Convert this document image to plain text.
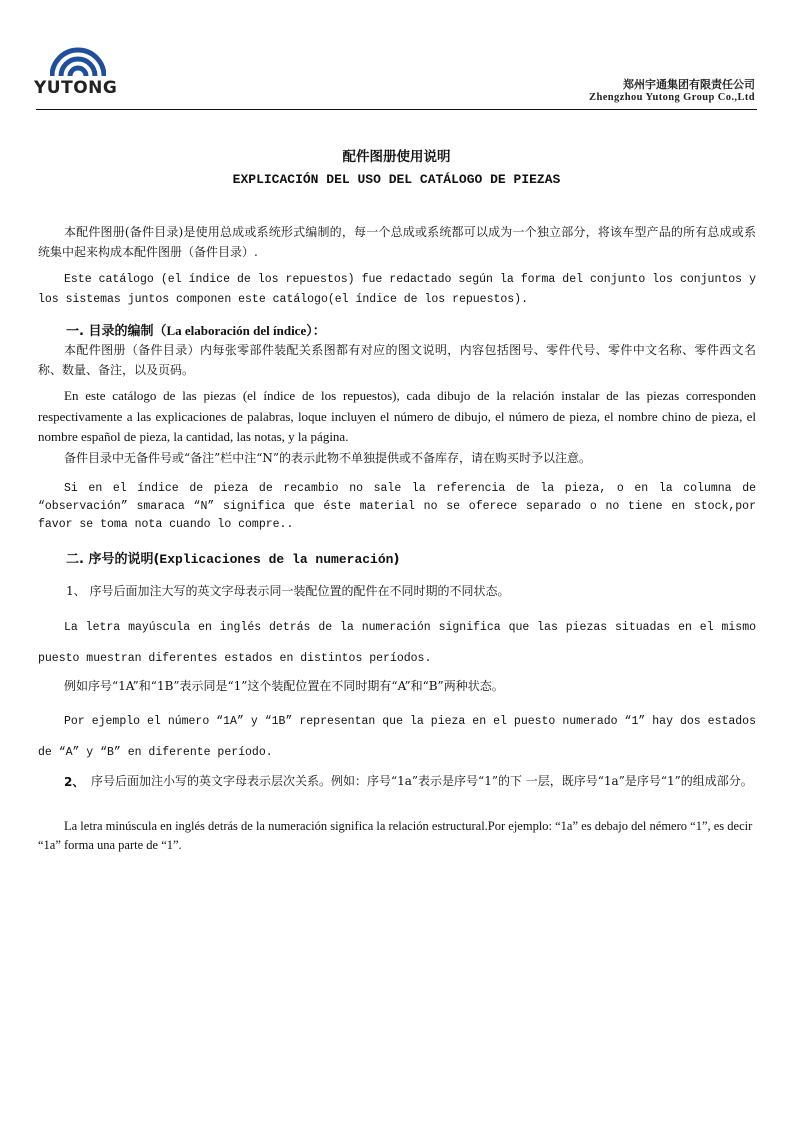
YUTONG	郑州宇通集团有限责任公司
Zhengzhou Yutong Group Co.,Ltd
配件图册使用说明
EXPLICACIÓN DEL USO DEL CATÁLOGO DE PIEZAS
本配件图册(备件目录)是使用总成或系统形式编制的，每一个总成或系统都可以成为一个独立部分，将该车型产品的所有总成或系统集中起来构成本配件图册（备件目录）.
Este catálogo (el índice de los repuestos) fue redactado según la forma del conjunto los conjuntos y los sistemas juntos componen este catálogo(el índice de los repuestos).
一. 目录的编制（La elaboración del índice）：
本配件图册（备件目录）内每张零部件装配关系图都有对应的图文说明，内容包括图号、零件代号、零件中文名称、零件西文名称、数量、备注，以及页码。
En este catálogo de las piezas (el índice de los repuestos), cada dibujo de la relación instalar de las piezas corresponden respectivamente a las explicaciones de palabras, loque incluyen el número de dibujo, el número de pieza, el nombre chino de pieza, el nombre español de pieza, la cantidad, las notas, y la página.
备件目录中无备件号或“备注”栏中注“N”的表示此物不单独提供或不备库存，请在购买时予以注意。
Si en el índice de pieza de recambio no sale la referencia de la pieza, o en la columna de “observación” smaraca “N” significa que éste material no se oferece separado o no tiene en stock,por favor se toma nota cuando lo compre..
二. 序号的说明(Explicaciones de la numeración)
1、 序号后面加注大写的英文字母表示同一装配位置的配件在不同时期的不同状态。
La letra mayúscula en inglés detrás de la numeración significa que las piezas situadas en el mismo puesto muestran diferentes estados en distintos períodos.
例如序号“1A”和“1B”表示同是“1”这个装配位置在不同时期有“A”和“B”两种状态。
Por ejemplo el número “1A” y “1B” representan que la pieza en el puesto numerado “1” hay dos estados de “A” y “B” en diferente período.
2、 序号后面加注小写的英文字母表示层次关系。例如：序号“1a”表示是序号“1”的下 一层，既序号“1a”是序号“1”的组成部分。
La letra minúscula en inglés detrás de la numeración significa la relación estructural.Por ejemplo: “1a” es debajo del némero “1”, es decir “1a” forma una parte de “1”.
